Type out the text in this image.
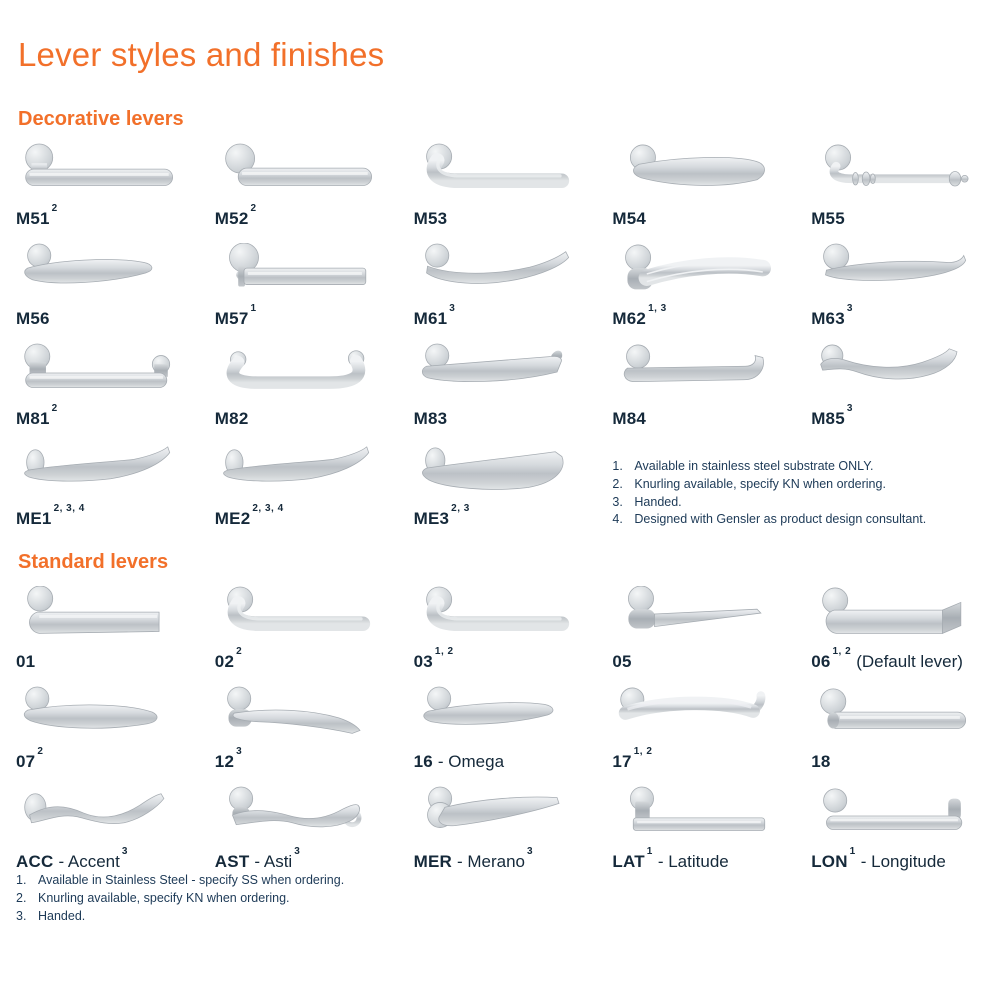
Lever styles and finishes
Decorative levers
$M51^2$
$M52^2$
M53	M54	M55
M56	$M57^1$
$M61^3$
M62$^{1, 3}$
$M63^3$
$M81^2$
M82	M83	M84	$M85^3$
ME1$^{2, 3, 4}$
ME2$^{2, 3, 4}$
ME3$^{2, 3}$
1. Available in stainless steel substrate ONLY.
2. Knurling available, specify KN when ordering.
3. Handed.
4. Designed with Gensler as product design consultant.
Standard levers
01	$02^2$
03$^{1, 2}$
05	06$^{1, 2}$(Default lever)
$07^2$
$12^3$
16 - Omega	17$^{1, 2}$
18
ACC - Accent$^3$
AST - Asti$^3$
MER - Merano$^3$
LAT$^1$- Latitude	LON$^1$- Longitude
1. Available in Stainless Steel - specify SS when ordering.
2. Knurling available, specify KN when ordering.
3. Handed.
